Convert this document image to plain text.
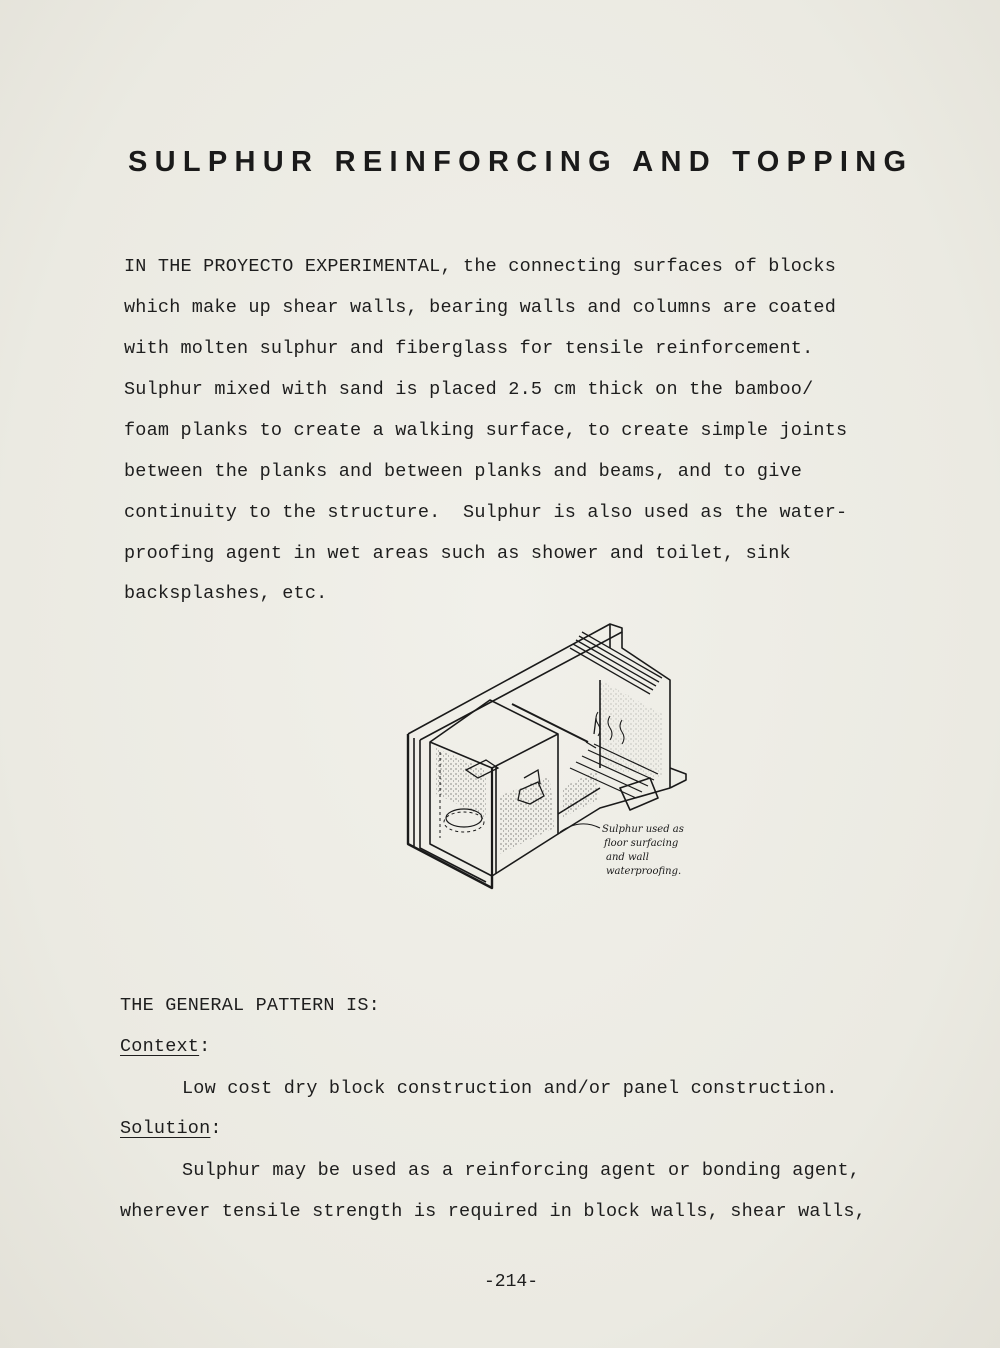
SULPHUR REINFORCING AND TOPPING
IN THE PROYECTO EXPERIMENTAL, the connecting surfaces of blocks
which make up shear walls, bearing walls and columns are coated
with molten sulphur and fiberglass for tensile reinforcement.
Sulphur mixed with sand is placed 2.5 cm thick on the bamboo/
foam planks to create a walking surface, to create simple joints
between the planks and between planks and beams, and to give
continuity to the structure.  Sulphur is also used as the water-
proofing agent in wet areas such as shower and toilet, sink
backsplashes, etc.
Sulphur used as
floor surfacing
and wall
waterproofing.
THE GENERAL PATTERN IS:
Context:
Low cost dry block construction and/or panel construction.
Solution:
Sulphur may be used as a reinforcing agent or bonding agent,
wherever tensile strength is required in block walls, shear walls,
-214-
